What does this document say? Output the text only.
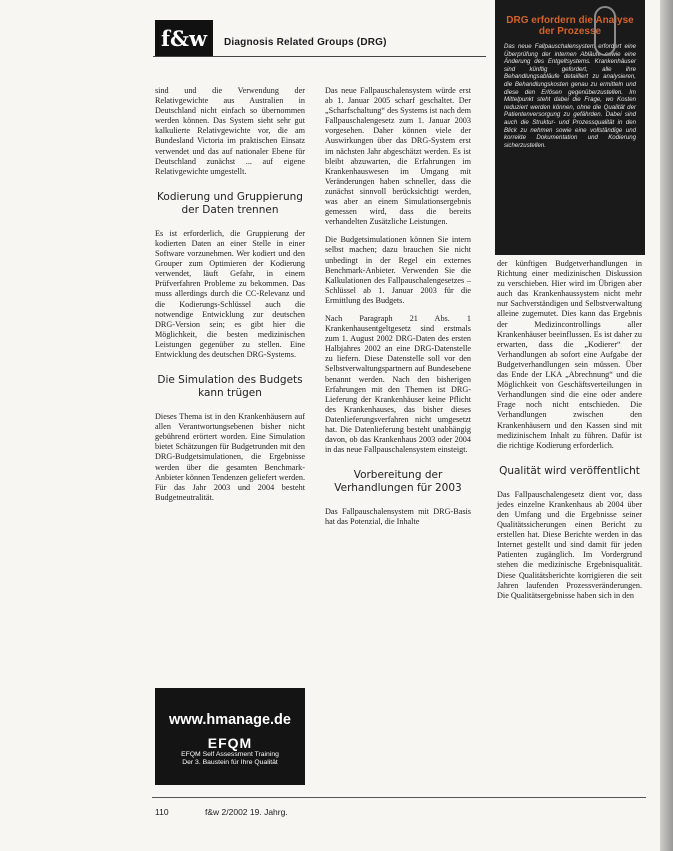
f&w	Diagnosis Related Groups (DRG)
DRG erfordern die Analyse der Prozesse
Das neue Fallpauschalensystem erfordert eine Überprüfung der internen Abläufe sowie eine Änderung des Entgeltsystems. Krankenhäuser sind künftig gefordert, alle ihre Behandlungsabläufe detailliert zu analysieren, die Behandlungskosten genau zu ermitteln und diese den Erlösen gegenüberzustellen. Im Mittelpunkt steht dabei die Frage, wo Kosten reduziert werden können, ohne die Qualität der Patientenversorgung zu gefährden. Dabei sind auch die Struktur- und Prozessqualität in den Blick zu nehmen sowie eine vollständige und korrekte Dokumentation und Kodierung sicherzustellen.

sind und die Verwendung der Relativgewichte aus Australien in Deutschland nicht einfach so übernommen werden können. Das System sieht sehr gut kalkulierte Relativgewichte vor, die am Bundesland Victoria im praktischen Einsatz verwendet und das auf nationaler Ebene für Deutschland zunächst ... auf eigene Relativgewichte umgestellt.

Kodierung und Gruppierung der Daten trennen

Es ist erforderlich, die Gruppierung der kodierten Daten an einer Stelle in einer Software vorzunehmen. Wer kodiert und den Grouper zum Optimieren der Kodierung verwendet, läuft Gefahr, in einem Prüfverfahren Probleme zu bekommen. Das muss allerdings durch die CC-Relevanz und die Kodierungs-Schlüssel auch die notwendige Entwicklung zur deutschen DRG-Version sein; es gibt hier die Möglichkeit, die besten medizinischen Leistungen gegenüber zu stellen. Eine Entwicklung des deutschen DRG-Systems.

Die Simulation des Budgets kann trügen

Dieses Thema ist in den Krankenhäusern auf allen Verantwortungsebenen bisher nicht gebührend erörtert worden. Eine Simulation bietet Schätzungen für Budgetrunden mit den DRG-Budgetsimulationen, die Ergebnisse werden über die gesamten Benchmark-Anbieter können Tendenzen geliefert werden. Für das Jahr 2003 und 2004 besteht Budgetneutralität.

www.hmanage.de
EFQM
EFQM Self Assessment Training
Der 3. Baustein für Ihre Qualität

Das neue Fallpauschalensystem würde erst ab 1. Januar 2005 scharf geschaltet. Der „Scharfschaltung“ des Systems ist nach dem Fallpauschalengesetz zum 1. Januar 2003 vorgesehen. Daher können viele der Auswirkungen über das DRG-System erst im nächsten Jahr abgeschätzt werden. Es ist bleibt abzuwarten, die Erfahrungen im Krankenhauswesen im Umgang mit Veränderungen haben schneller, dass die zunächst sinnvoll berücksichtigt werden, was aber an einem Simulationsergebnis gemessen wird, dass die bereits verhandelten Zusätzliche Leistungen.

Die Budgetsimulationen können Sie intern selbst machen; dazu brauchen Sie nicht unbedingt in der Regel ein externes Benchmark-Anbieter. Verwenden Sie die Kalkulationen des Fallpauschalengesetzes – Schlüssel ab 1. Januar 2003 für die Ermittlung des Budgets.

Nach Paragraph 21 Abs. 1 Krankenhausentgeltgesetz sind erstmals zum 1. August 2002 DRG-Daten des ersten Halbjahres 2002 an eine DRG-Datenstelle zu liefern. Diese Datenstelle soll vor den Selbstverwaltungspartnern auf Bundesebene benannt werden. Nach den bisherigen Erfahrungen mit den Themen ist DRG-Lieferung der Krankenhäuser keine Pflicht des Krankenhauses, das bisher dieses Datenlieferungsverfahren nicht umgesetzt hat. Die Datenlieferung besteht unabhängig davon, ob das Krankenhaus 2003 oder 2004 in das neue Fallpauschalensystem einsteigt.

Vorbereitung der Verhandlungen für 2003

Das Fallpauschalensystem mit DRG-Basis hat das Potenzial, die Inhalte

der künftigen Budgetverhandlungen in Richtung einer medizinischen Diskussion zu verschieben. Hier wird im Übrigen aber auch das Krankenhaussystem nicht mehr nur Sachverständigen und Selbstverwaltung alleine zugemutet. Dies kann das Ergebnis der Medizincontrollings aller Krankenhäuser beeinflussen. Es ist daher zu erwarten, dass die „Kodierer“ der Verhandlungen ab sofort eine Aufgabe der Budgetverhandlungen sein müssen. Über das Ende der LKA „Abrechnung“ und die Möglichkeit von Geschäftsverteilungen in Verhandlungen sind die eine oder andere Frage noch nicht entschieden. Die Verhandlungen zwischen den Krankenhäusern und den Kassen sind mit medizinischem Inhalt zu führen. Dafür ist die richtige Kodierung erforderlich.

Qualität wird veröffentlicht

Das Fallpauschalengesetz dient vor, dass jedes einzelne Krankenhaus ab 2004 über den Umfang und die Ergebnisse seiner Qualitätssicherungen einen Bericht zu erstellen hat. Diese Berichte werden in das Internet gestellt und sind damit für jeden Patienten zugänglich. Im Vordergrund stehen die medizinische Ergebnisqualität. Diese Qualitätsberichte korrigieren die seit Jahren laufenden Prozessveränderungen. Die Qualitätsergebnisse haben sich in den

110	f&w 2/2002 19. Jahrg.
